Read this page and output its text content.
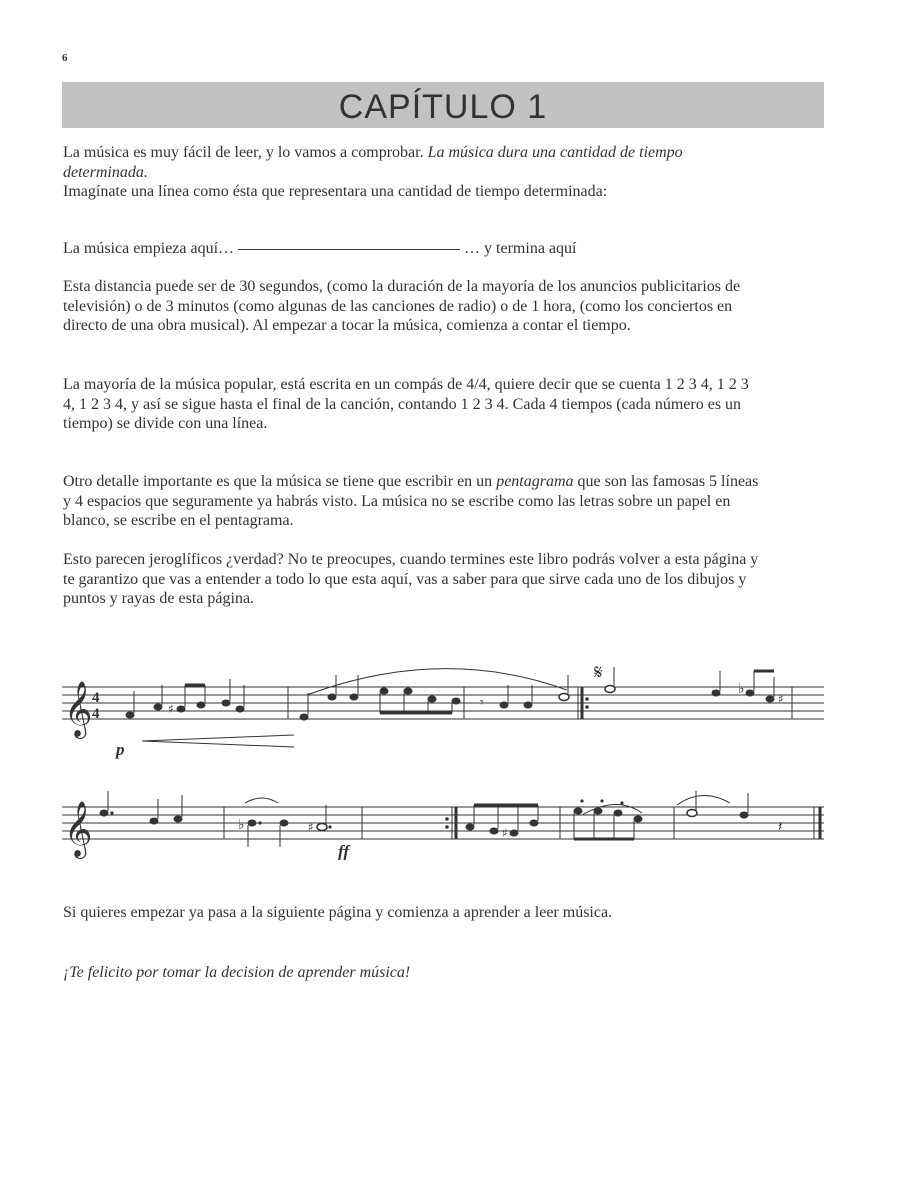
6
CAPÍTULO 1
La música es muy fácil de leer, y lo vamos a comprobar. La música dura una cantidad de tiempo determinada.
Imagínate una línea como ésta que representara una cantidad de tiempo determinada:
La música empieza aquí…	… y termina aquí
Esta distancia puede ser de 30 segundos, (como la duración de la mayoría de los anuncios publicitarios de televisión) o de 3 minutos (como algunas de las canciones de radio) o de 1 hora, (como los conciertos en directo de una obra musical). Al empezar a tocar la música, comienza a contar el tiempo.
La mayoría de la música popular, está escrita en un compás de 4/4, quiere decir que se cuenta 1 2 3 4, 1 2 3 4, 1 2 3 4, y así se sigue hasta el final de la canción, contando 1 2 3 4. Cada 4 tiempos (cada número es un tiempo) se divide con una línea.
Otro detalle importante es que la música se tiene que escribir en un pentagrama que son las famosas 5 líneas y 4 espacios que seguramente ya habrás visto. La música no se escribe como las letras sobre un papel en blanco, se escribe en el pentagrama.
Esto parecen jeroglíficos ¿verdad? No te preocupes, cuando termines este libro podrás volver a esta página y te garantizo que vas a entender a todo lo que esta aquí, vas a saber para que sirve cada uno de los dibujos y puntos y rayas de esta página.
𝄾
𝄽
𝄞
𝄞
4
4
p
ff
𝄋
♭
♯
♯
♯
♭	♯
Si quieres empezar ya pasa a la siguiente página y comienza a aprender a leer música.
¡Te felicito por tomar la decision de aprender música!
